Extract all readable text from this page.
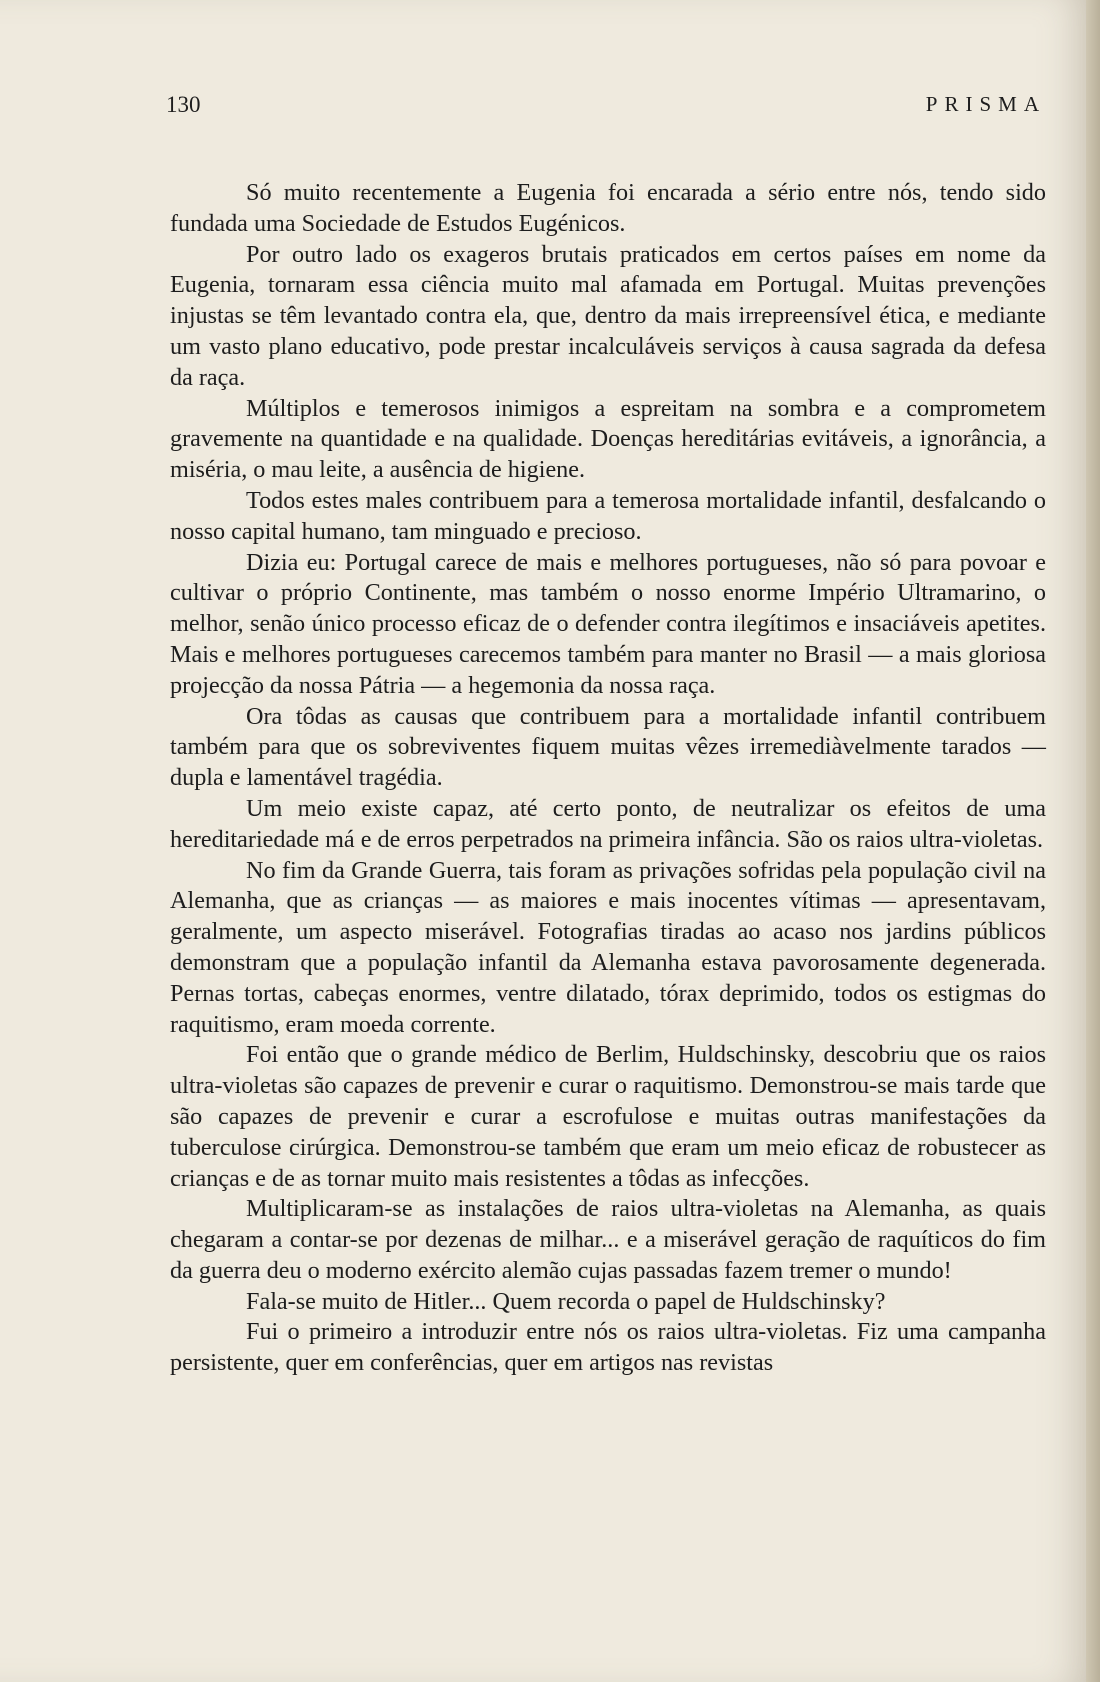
130	PRISMA

Só muito recentemente a Eugenia foi encarada a sério entre nós, tendo sido fundada uma Sociedade de Estudos Eugénicos.

Por outro lado os exageros brutais praticados em certos países em nome da Eugenia, tornaram essa ciência muito mal afamada em Portugal. Muitas prevenções injustas se têm levantado contra ela, que, dentro da mais irrepreensível ética, e mediante um vasto plano educativo, pode prestar incalculáveis serviços à causa sagrada da defesa da raça.

Múltiplos e temerosos inimigos a espreitam na sombra e a comprometem gravemente na quantidade e na qualidade. Doenças hereditárias evitáveis, a ignorância, a miséria, o mau leite, a ausência de higiene.

Todos estes males contribuem para a temerosa mortalidade infantil, desfalcando o nosso capital humano, tam minguado e precioso.

Dizia eu: Portugal carece de mais e melhores portugueses, não só para povoar e cultivar o próprio Continente, mas também o nosso enorme Império Ultramarino, o melhor, senão único processo eficaz de o defender contra ilegítimos e insaciáveis apetites. Mais e melhores portugueses carecemos também para manter no Brasil — a mais gloriosa projecção da nossa Pátria — a hegemonia da nossa raça.

Ora tôdas as causas que contribuem para a mortalidade infantil contribuem também para que os sobreviventes fiquem muitas vêzes irremediàvelmente tarados — dupla e lamentável tragédia.

Um meio existe capaz, até certo ponto, de neutralizar os efeitos de uma hereditariedade má e de erros perpetrados na primeira infância. São os raios ultra-violetas.

No fim da Grande Guerra, tais foram as privações sofridas pela população civil na Alemanha, que as crianças — as maiores e mais inocentes vítimas — apresentavam, geralmente, um aspecto miserável. Fotografias tiradas ao acaso nos jardins públicos demonstram que a população infantil da Alemanha estava pavorosamente degenerada. Pernas tortas, cabeças enormes, ventre dilatado, tórax deprimido, todos os estigmas do raquitismo, eram moeda corrente.

Foi então que o grande médico de Berlim, Huldschinsky, descobriu que os raios ultra-violetas são capazes de prevenir e curar o raquitismo. Demonstrou-se mais tarde que são capazes de prevenir e curar a escrofulose e muitas outras manifestações da tuberculose cirúrgica. Demonstrou-se também que eram um meio eficaz de robustecer as crianças e de as tornar muito mais resistentes a tôdas as infecções.

Multiplicaram-se as instalações de raios ultra-violetas na Alemanha, as quais chegaram a contar-se por dezenas de milhar... e a miserável geração de raquíticos do fim da guerra deu o moderno exército alemão cujas passadas fazem tremer o mundo!

Fala-se muito de Hitler... Quem recorda o papel de Huldschinsky?

Fui o primeiro a introduzir entre nós os raios ultra-violetas. Fiz uma campanha persistente, quer em conferências, quer em artigos nas revistas
